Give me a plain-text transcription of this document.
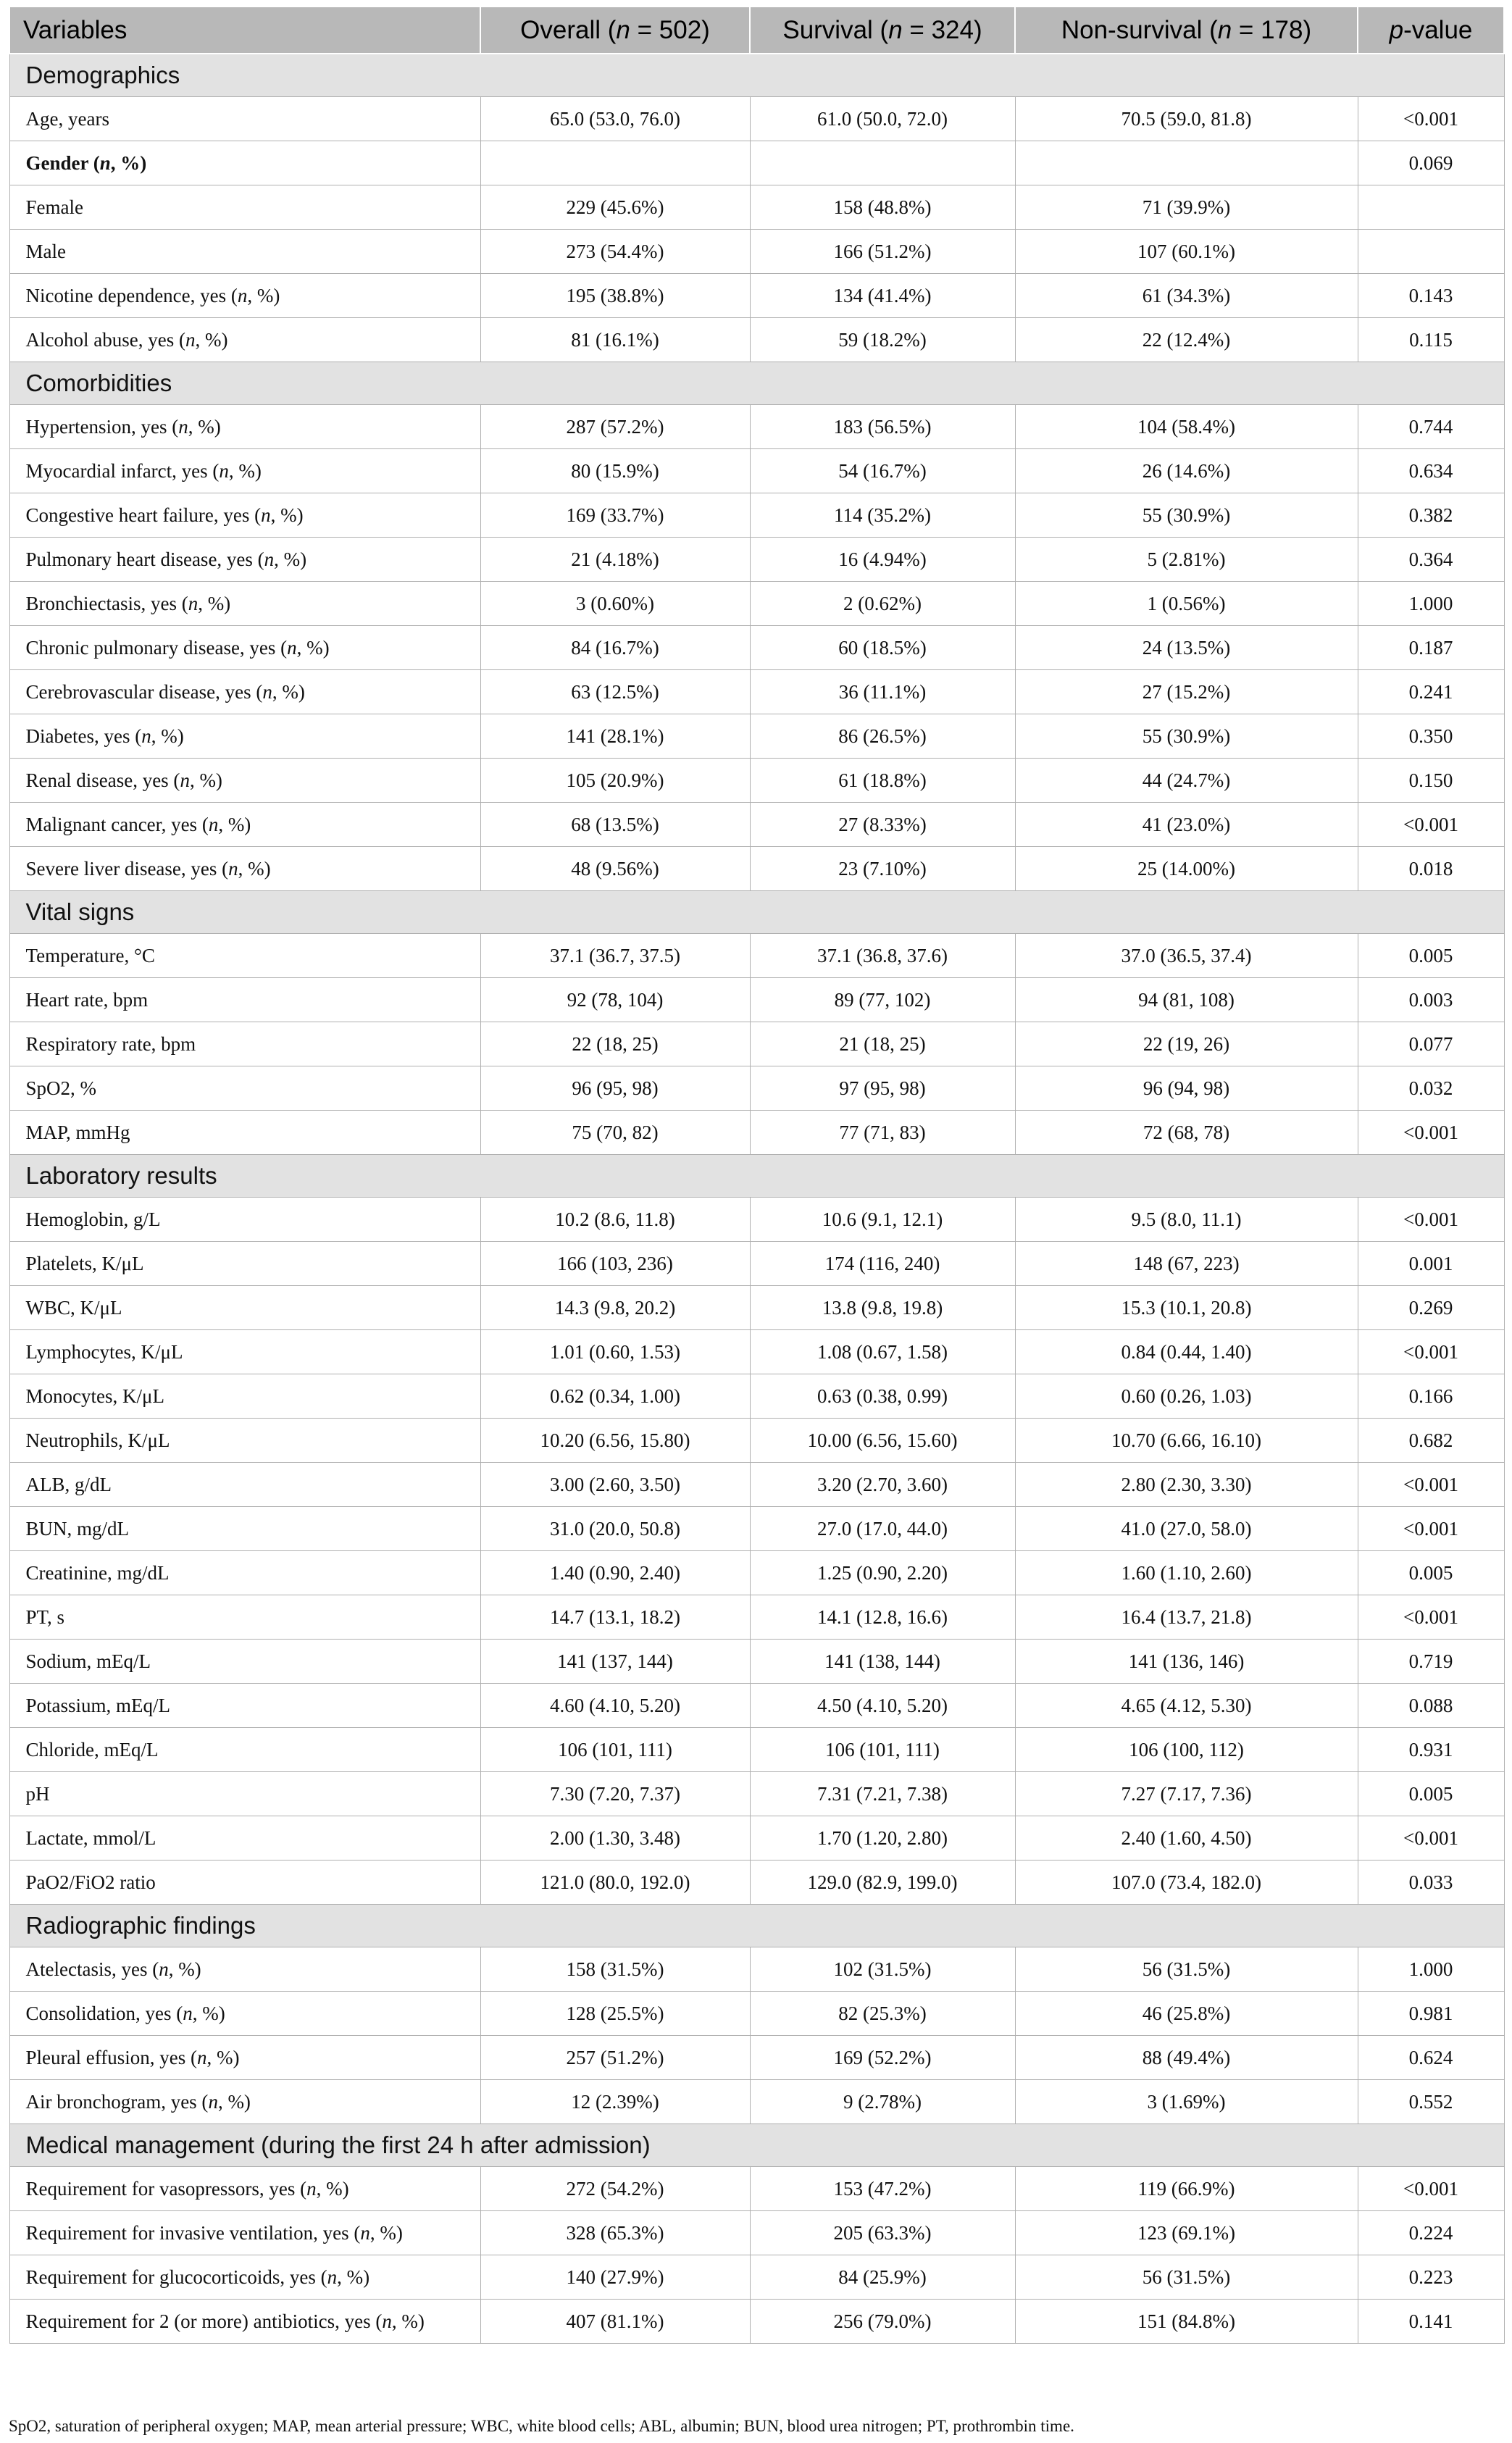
Variables	Overall (n = 502)	Survival (n = 324)	Non-survival (n = 178)	p-value
Demographics				
Age, years	65.0 (53.0, 76.0)	61.0 (50.0, 72.0)	70.5 (59.0, 81.8)	<0.001
Gender (n, %)				0.069
Female	229 (45.6%)	158 (48.8%)	71 (39.9%)	
Male	273 (54.4%)	166 (51.2%)	107 (60.1%)	
Nicotine dependence, yes (n, %)	195 (38.8%)	134 (41.4%)	61 (34.3%)	0.143
Alcohol abuse, yes (n, %)	81 (16.1%)	59 (18.2%)	22 (12.4%)	0.115
Comorbidities				
Hypertension, yes (n, %)	287 (57.2%)	183 (56.5%)	104 (58.4%)	0.744
Myocardial infarct, yes (n, %)	80 (15.9%)	54 (16.7%)	26 (14.6%)	0.634
Congestive heart failure, yes (n, %)	169 (33.7%)	114 (35.2%)	55 (30.9%)	0.382
Pulmonary heart disease, yes (n, %)	21 (4.18%)	16 (4.94%)	5 (2.81%)	0.364
Bronchiectasis, yes (n, %)	3 (0.60%)	2 (0.62%)	1 (0.56%)	1.000
Chronic pulmonary disease, yes (n, %)	84 (16.7%)	60 (18.5%)	24 (13.5%)	0.187
Cerebrovascular disease, yes (n, %)	63 (12.5%)	36 (11.1%)	27 (15.2%)	0.241
Diabetes, yes (n, %)	141 (28.1%)	86 (26.5%)	55 (30.9%)	0.350
Renal disease, yes (n, %)	105 (20.9%)	61 (18.8%)	44 (24.7%)	0.150
Malignant cancer, yes (n, %)	68 (13.5%)	27 (8.33%)	41 (23.0%)	<0.001
Severe liver disease, yes (n, %)	48 (9.56%)	23 (7.10%)	25 (14.00%)	0.018
Vital signs				
Temperature, °C	37.1 (36.7, 37.5)	37.1 (36.8, 37.6)	37.0 (36.5, 37.4)	0.005
Heart rate, bpm	92 (78, 104)	89 (77, 102)	94 (81, 108)	0.003
Respiratory rate, bpm	22 (18, 25)	21 (18, 25)	22 (19, 26)	0.077
SpO2, %	96 (95, 98)	97 (95, 98)	96 (94, 98)	0.032
MAP, mmHg	75 (70, 82)	77 (71, 83)	72 (68, 78)	<0.001
Laboratory results				
Hemoglobin, g/L	10.2 (8.6, 11.8)	10.6 (9.1, 12.1)	9.5 (8.0, 11.1)	<0.001
Platelets, K/μL	166 (103, 236)	174 (116, 240)	148 (67, 223)	0.001
WBC, K/μL	14.3 (9.8, 20.2)	13.8 (9.8, 19.8)	15.3 (10.1, 20.8)	0.269
Lymphocytes, K/μL	1.01 (0.60, 1.53)	1.08 (0.67, 1.58)	0.84 (0.44, 1.40)	<0.001
Monocytes, K/μL	0.62 (0.34, 1.00)	0.63 (0.38, 0.99)	0.60 (0.26, 1.03)	0.166
Neutrophils, K/μL	10.20 (6.56, 15.80)	10.00 (6.56, 15.60)	10.70 (6.66, 16.10)	0.682
ALB, g/dL	3.00 (2.60, 3.50)	3.20 (2.70, 3.60)	2.80 (2.30, 3.30)	<0.001
BUN, mg/dL	31.0 (20.0, 50.8)	27.0 (17.0, 44.0)	41.0 (27.0, 58.0)	<0.001
Creatinine, mg/dL	1.40 (0.90, 2.40)	1.25 (0.90, 2.20)	1.60 (1.10, 2.60)	0.005
PT, s	14.7 (13.1, 18.2)	14.1 (12.8, 16.6)	16.4 (13.7, 21.8)	<0.001
Sodium, mEq/L	141 (137, 144)	141 (138, 144)	141 (136, 146)	0.719
Potassium, mEq/L	4.60 (4.10, 5.20)	4.50 (4.10, 5.20)	4.65 (4.12, 5.30)	0.088
Chloride, mEq/L	106 (101, 111)	106 (101, 111)	106 (100, 112)	0.931
pH	7.30 (7.20, 7.37)	7.31 (7.21, 7.38)	7.27 (7.17, 7.36)	0.005
Lactate, mmol/L	2.00 (1.30, 3.48)	1.70 (1.20, 2.80)	2.40 (1.60, 4.50)	<0.001
PaO2/FiO2 ratio	121.0 (80.0, 192.0)	129.0 (82.9, 199.0)	107.0 (73.4, 182.0)	0.033
Radiographic findings				
Atelectasis, yes (n, %)	158 (31.5%)	102 (31.5%)	56 (31.5%)	1.000
Consolidation, yes (n, %)	128 (25.5%)	82 (25.3%)	46 (25.8%)	0.981
Pleural effusion, yes (n, %)	257 (51.2%)	169 (52.2%)	88 (49.4%)	0.624
Air bronchogram, yes (n, %)	12 (2.39%)	9 (2.78%)	3 (1.69%)	0.552
Medical management (during the first 24 h after admission)				
Requirement for vasopressors, yes (n, %)	272 (54.2%)	153 (47.2%)	119 (66.9%)	<0.001
Requirement for invasive ventilation, yes (n, %)	328 (65.3%)	205 (63.3%)	123 (69.1%)	0.224
Requirement for glucocorticoids, yes (n, %)	140 (27.9%)	84 (25.9%)	56 (31.5%)	0.223
Requirement for 2 (or more) antibiotics, yes (n, %)	407 (81.1%)	256 (79.0%)	151 (84.8%)	0.141
SpO2, saturation of peripheral oxygen; MAP, mean arterial pressure; WBC, white blood cells; ABL, albumin; BUN, blood urea nitrogen; PT, prothrombin time.
